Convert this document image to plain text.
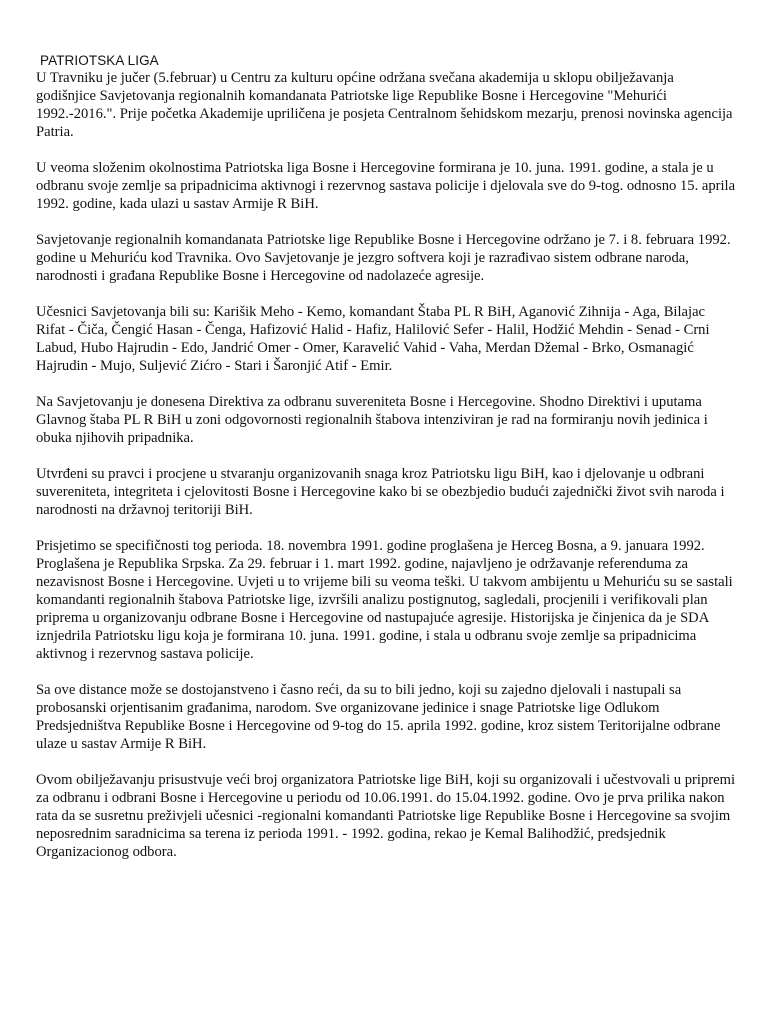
PATRIOTSKA LIGA

U Travniku je jučer (5.februar) u Centru za kulturu općine održana svečana akademija u sklopu obilježavanja godišnjice Savjetovanja regionalnih komandanata Patriotske lige Republike Bosne i Hercegovine "Mehurići 1992.-2016.". Prije početka Akademije upriličena je posjeta Centralnom šehidskom mezarju, prenosi novinska agencija Patria.

U veoma složenim okolnostima Patriotska liga Bosne i Hercegovine formirana je 10. juna. 1991. godine, a stala je u odbranu svoje zemlje sa pripadnicima aktivnogi i rezervnog sastava policije i djelovala sve do 9-tog. odnosno 15. aprila 1992. godine, kada ulazi u sastav Armije R BiH.

Savjetovanje regionalnih komandanata Patriotske lige Republike Bosne i Hercegovine održano je 7. i 8. februara 1992. godine u Mehuriću kod Travnika. Ovo Savjetovanje je jezgro softvera koji je razrađivao sistem odbrane naroda, narodnosti i građana Republike Bosne i Hercegovine od nadolazeće agresije.

Učesnici Savjetovanja bili su: Karišik Meho - Kemo, komandant Štaba PL R BiH, Aganović Zihnija - Aga, Bilajac Rifat - Čiča, Čengić Hasan - Čenga, Hafizović Halid - Hafiz, Halilović Sefer - Halil, Hodžić Mehdin - Senad - Crni Labud, Hubo Hajrudin - Edo, Jandrić Omer - Omer, Karavelić Vahid - Vaha, Merdan Džemal - Brko, Osmanagić Hajrudin - Mujo, Suljević Zićro - Stari i Šaronjić Atif - Emir.

Na Savjetovanju je donesena Direktiva za odbranu suvereniteta Bosne i Hercegovine. Shodno Direktivi i uputama Glavnog štaba PL R BiH u zoni odgovornosti regionalnih štabova intenziviran je rad na formiranju novih jedinica i obuka njihovih pripadnika.

Utvrđeni su pravci i procjene u stvaranju organizovanih snaga kroz Patriotsku ligu BiH, kao i djelovanje u odbrani suvereniteta, integriteta i cjelovitosti Bosne i Hercegovine kako bi se obezbjedio budući zajednički život svih naroda i narodnosti na državnoj teritoriji BiH.

Prisjetimo se specifičnosti tog perioda. 18. novembra 1991. godine proglašena je Herceg Bosna, a 9. januara 1992. Proglašena je Republika Srpska. Za 29. februar i 1. mart 1992. godine, najavljeno je održavanje referenduma za nezavisnost Bosne i Hercegovine. Uvjeti u to vrijeme bili su veoma teški. U takvom ambijentu u Mehuriću su se sastali komandanti regionalnih štabova Patriotske lige, izvršili analizu postignutog, sagledali, procjenili i verifikovali plan priprema u organizovanju odbrane Bosne i Hercegovine od nastupajuće agresije. Historijska je činjenica da je SDA iznjedrila Patriotsku ligu koja je formirana 10. juna. 1991. godine, i stala u odbranu svoje zemlje sa pripadnicima aktivnog i rezervnog sastava policije.

Sa ove distance može se dostojanstveno i časno reći, da su to bili jedno, koji su zajedno djelovali i nastupali sa probosanski orjentisanim građanima, narodom. Sve organizovane jedinice i snage Patriotske lige Odlukom Predsjedništva Republike Bosne i Hercegovine od 9-tog do 15. aprila 1992. godine, kroz sistem Teritorijalne odbrane ulaze u sastav Armije R BiH.

Ovom obilježavanju prisustvuje veći broj organizatora Patriotske lige BiH, koji su organizovali i učestvovali u pripremi za odbranu i odbrani Bosne i Hercegovine u periodu od 10.06.1991. do 15.04.1992. godine. Ovo je prva prilika nakon rata da se susretnu preživjeli učesnici -regionalni komandanti Patriotske lige Republike Bosne i Hercegovine sa svojim neposrednim saradnicima sa terena iz perioda 1991. - 1992. godina, rekao je Kemal Balihodžić, predsjednik Organizacionog odbora.
